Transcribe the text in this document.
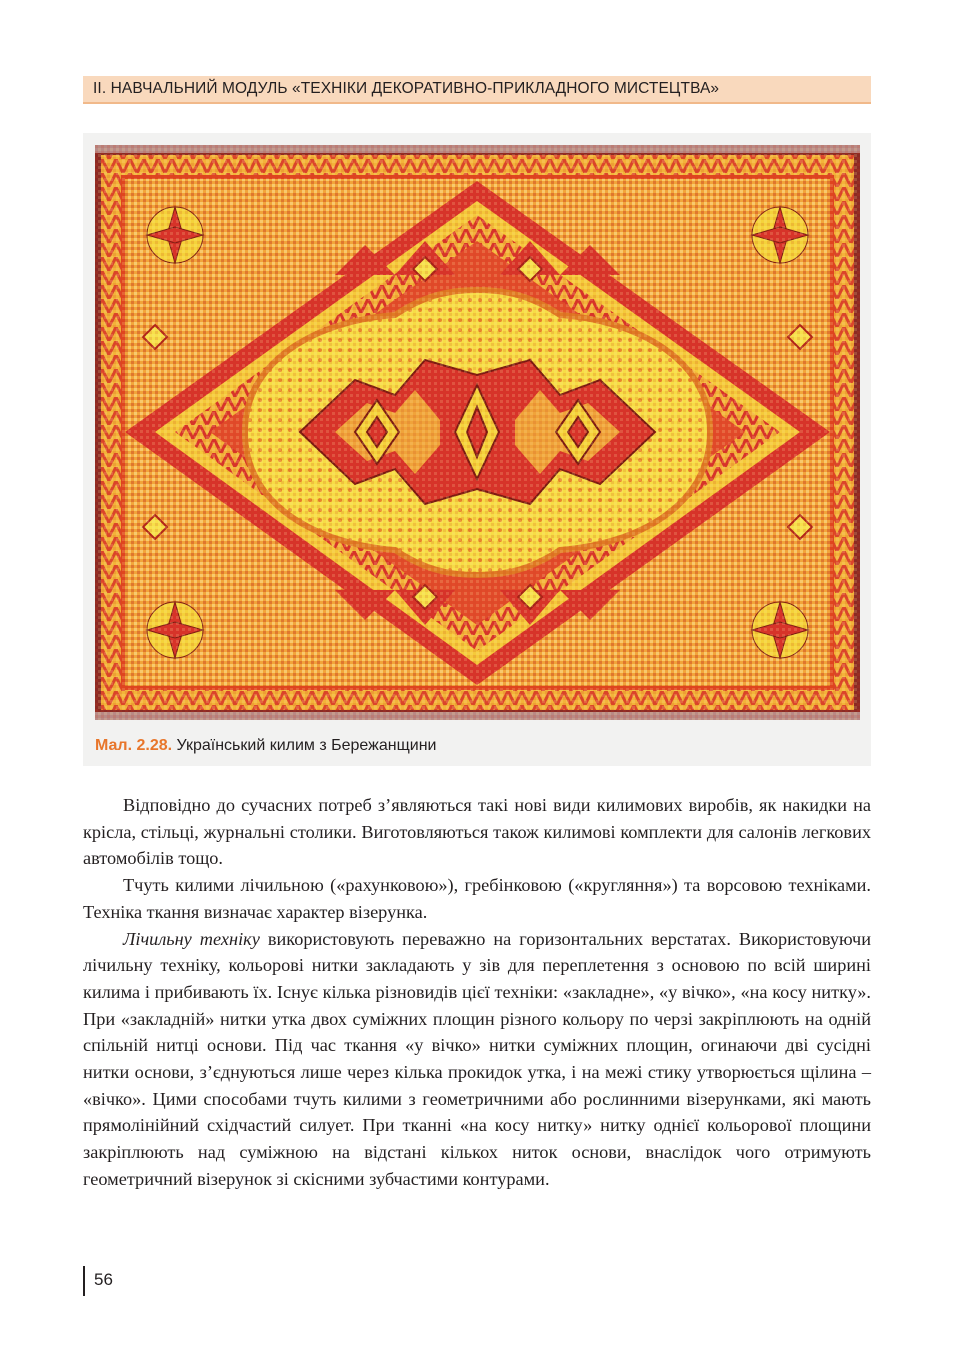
ІІ. НАВЧАЛЬНИЙ МОДУЛЬ «ТЕХНІКИ ДЕКОРАТИВНО-ПРИКЛАДНОГО МИСТЕЦТВА»
Мал. 2.28. Український килим з Бережанщини

Відповідно до сучасних потреб з’являються такі нові види килимових виробів, як накидки на крісла, стільці, журнальні столики. Виготовляються також килимові комплекти для салонів легкових автомобілів тощо.

Тчуть килими лічильною («рахунковою»), гребінковою («кругляння») та ворсовою техніками. Техніка ткання визначає характер візерунка.

Лічильну техніку використовують переважно на горизонтальних верстатах. Використовуючи лічильну техніку, кольорові нитки закладають у зів для переплетення з основою по всій ширині килима і прибивають їх. Існує кілька різновидів цієї техніки: «закладне», «у вічко», «на косу нитку». При «закладній» нитки утка двох суміжних площин різного кольору по черзі закріплюють на одній спільній нитці основи. Під час ткання «у вічко» нитки суміжних площин, огинаючи дві сусідні нитки основи, з’єднуються лише через кілька прокидок утка, і на межі стику утворюється щілина – «вічко». Цими способами тчуть килими з геометричними або рослинними візерунками, які мають прямолінійний східчастий силует. При тканні «на косу нитку» нитку однієї кольорової площини закріплюють над суміжною на відстані кількох ниток основи, внаслідок чого отримують геометричний візерунок зі скісними зубчастими контурами.

56
